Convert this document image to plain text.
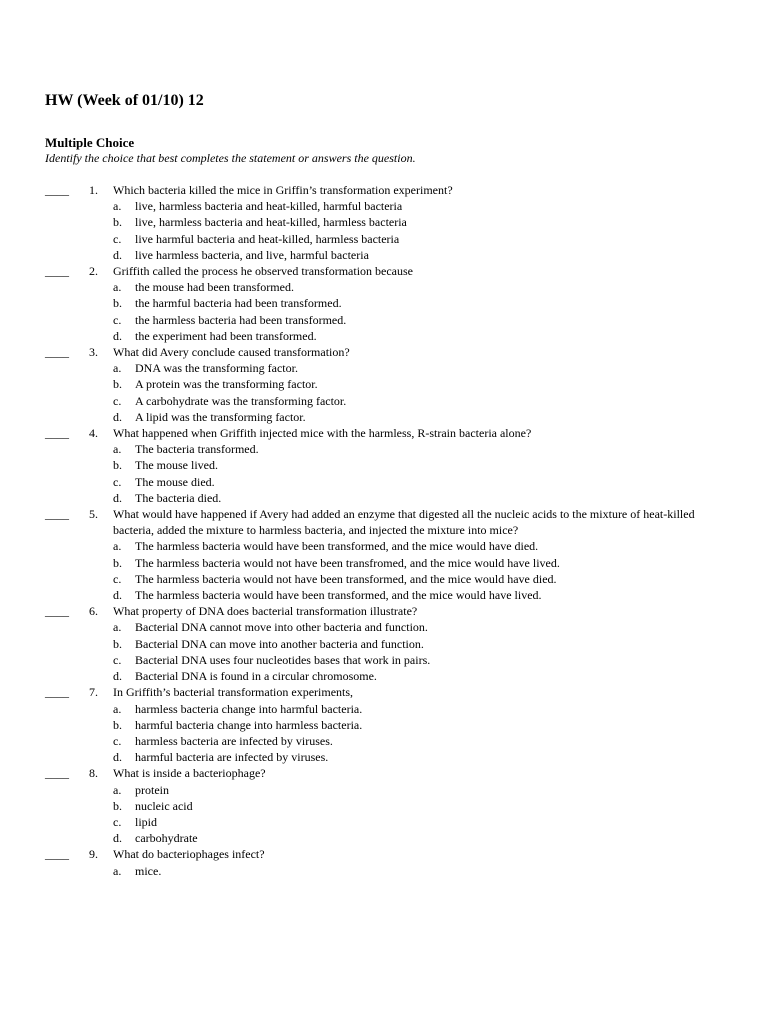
HW (Week of 01/10) 12
Multiple Choice
Identify the choice that best completes the statement or answers the question.
____ 1.	Which bacteria killed the mice in Griffin’s transformation experiment?
a. live, harmless bacteria and heat-killed, harmful bacteria
b. live, harmless bacteria and heat-killed, harmless bacteria
c. live harmful bacteria and heat-killed, harmless bacteria
d. live harmless bacteria, and live, harmful bacteria
____ 2.	Griffith called the process he observed transformation because
a. the mouse had been transformed.
b. the harmful bacteria had been transformed.
c. the harmless bacteria had been transformed.
d. the experiment had been transformed.
____ 3.	What did Avery conclude caused transformation?
a. DNA was the transforming factor.
b. A protein was the transforming factor.
c. A carbohydrate was the transforming factor.
d. A lipid was the transforming factor.
____ 4.	What happened when Griffith injected mice with the harmless, R-strain bacteria alone?
a. The bacteria transformed.
b. The mouse lived.
c. The mouse died.
d. The bacteria died.
____ 5.	What would have happened if Avery had added an enzyme that digested all the nucleic acids to the mixture of heat-killed bacteria, added the mixture to harmless bacteria, and injected the mixture into mice?
a. The harmless bacteria would have been transformed, and the mice would have died.
b. The harmless bacteria would not have been transfromed, and the mice would have lived.
c. The harmless bacteria would not have been transformed, and the mice would have died.
d. The harmless bacteria would have been transformed, and the mice would have lived.
____ 6.	What property of DNA does bacterial transformation illustrate?
a. Bacterial DNA cannot move into other bacteria and function.
b. Bacterial DNA can move into another bacteria and function.
c. Bacterial DNA uses four nucleotides bases that work in pairs.
d. Bacterial DNA is found in a circular chromosome.
____ 7.	In Griffith’s bacterial transformation experiments,
a. harmless bacteria change into harmful bacteria.
b. harmful bacteria change into harmless bacteria.
c. harmless bacteria are infected by viruses.
d. harmful bacteria are infected by viruses.
____ 8.	What is inside a bacteriophage?
a. protein
b. nucleic acid
c. lipid
d. carbohydrate
____ 9.	What do bacteriophages infect?
a. mice.
